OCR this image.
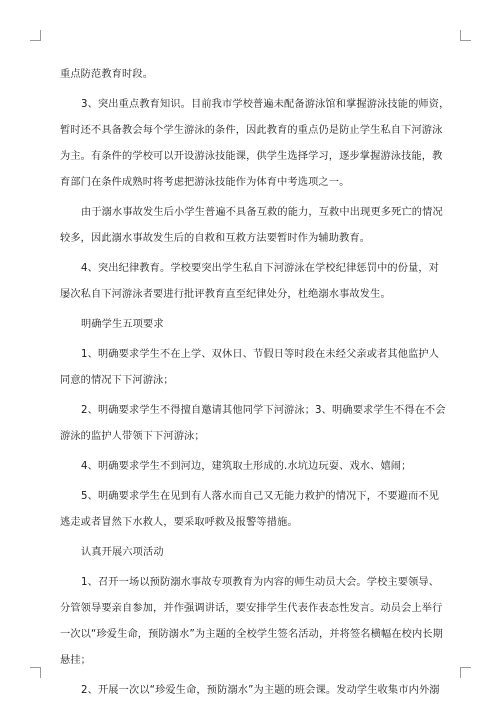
重点防范教育时段。

3、突出重点教育知识。目前我市学校普遍未配备游泳馆和掌握游泳技能的师资，
暂时还不具备教会每个学生游泳的条件，因此教育的重点仍是防止学生私自下河游泳
为主。有条件的学校可以开设游泳技能课，供学生选择学习，逐步掌握游泳技能，教
育部门在条件成熟时将考虑把游泳技能作为体育中考选项之一。

由于溺水事故发生后小学生普遍不具备互救的能力，互救中出现更多死亡的情况
较多，因此溺水事故发生后的自救和互救方法要暂时作为辅助教育。

4、突出纪律教育。学校要突出学生私自下河游泳在学校纪律惩罚中的份量，对
屡次私自下河游泳者要进行批评教育直至纪律处分，杜绝溺水事故发生。

明确学生五项要求

1、明确要求学生不在上学、双休日、节假日等时段在未经父亲或者其他监护人
同意的情况下下河游泳；

2、明确要求学生不得擅自邀请其他同学下河游泳；3、明确要求学生不得在不会
游泳的监护人带领下下河游泳；

4、明确要求学生不到河边，建筑取土形成的.水坑边玩耍、戏水、嬉闹；

5、明确要求学生在见到有人落水而自己又无能力救护的情况下，不要避而不见
逃走或者冒然下水救人，要采取呼救及报警等措施。

认真开展六项活动

1、召开一场以预防溺水事故专项教育为内容的师生动员大会。学校主要领导、
分管领导要亲自参加，并作强调讲话，要安排学生代表作表态性发言。动员会上举行
一次以“珍爱生命，预防溺水”为主题的全校学生签名活动，并将签名横幅在校内长期
悬挂；

2、开展一次以“珍爱生命，预防溺水”为主题的班会课。发动学生收集市内外溺
